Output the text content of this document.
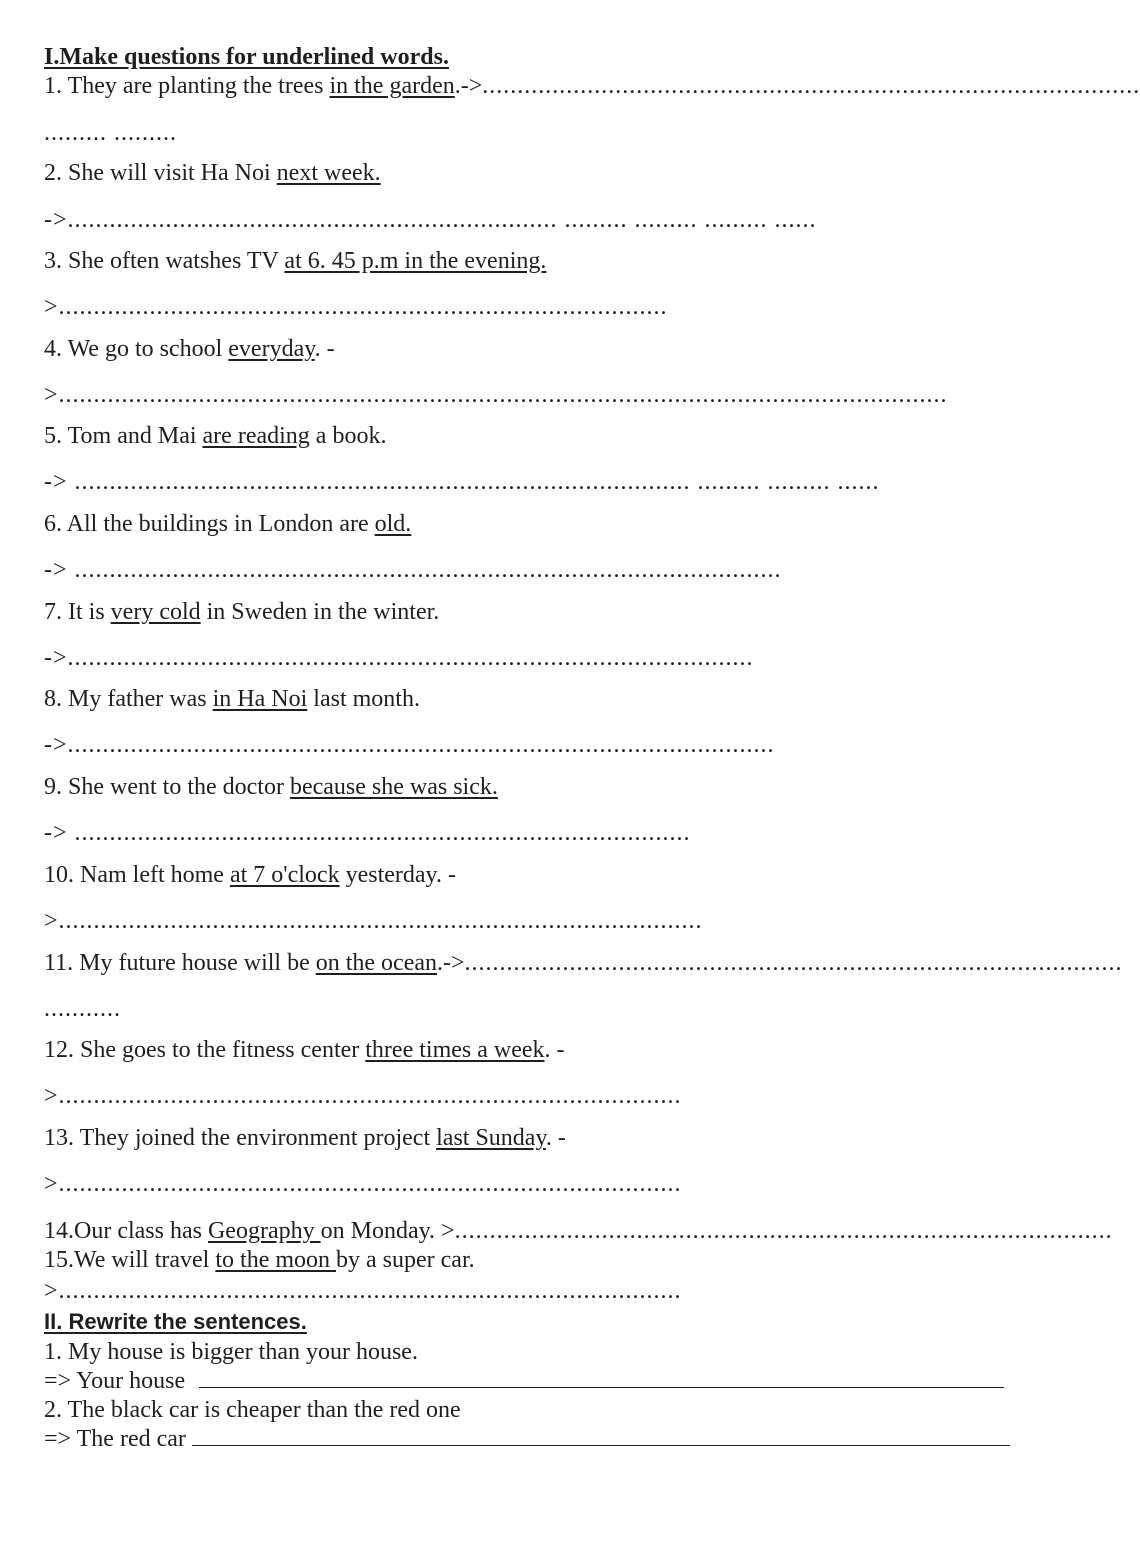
I.Make questions for underlined words.
1. They are planting the trees in the garden.->..............................................................................................
......... .........
2. She will visit Ha Noi next week.
->...................................................................... ......... ......... ......... ......
3. She often watshes TV at 6. 45 p.m in the evening.
>.......................................................................................
4. We go to school everyday. -
>...............................................................................................................................
5. Tom and Mai are reading a book.
-> ........................................................................................ ......... ......... ......
6. All the buildings in London are old.
-> .....................................................................................................
7. It is very cold in Sweden in the winter.
->..................................................................................................
8. My father was in Ha Noi last month.
->.....................................................................................................
9. She went to the doctor because she was sick.
-> ........................................................................................
10. Nam left home at 7 o'clock yesterday. -
>............................................................................................
11. My future house will be on the ocean.->..............................................................................................
...........
12. She goes to the fitness center three times a week. -
>.........................................................................................
13. They joined the environment project last Sunday. -
>.........................................................................................
14.Our class has Geography on Monday. >..............................................................................................
15.We will travel to the moon by a super car.
>.........................................................................................
II. Rewrite the sentences.
1. My house is bigger than your house.
=> Your house
2. The black car is cheaper than the red one
=> The red car
